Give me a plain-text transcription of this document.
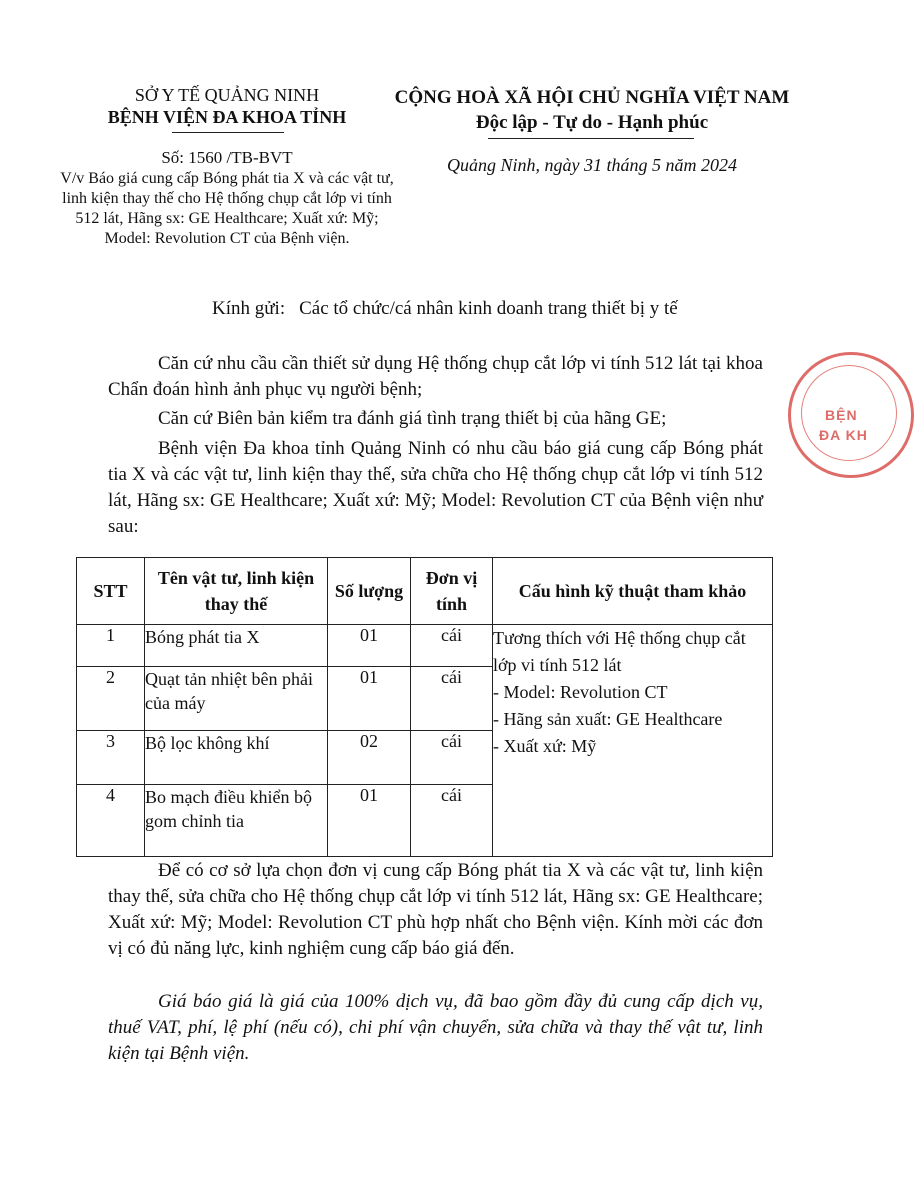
SỞ Y TẾ QUẢNG NINH
BỆNH VIỆN ĐA KHOA TỈNH
Số: 1560 /TB-BVT
V/v Báo giá cung cấp Bóng phát tia X và các vật tư, linh kiện thay thế cho Hệ thống chụp cắt lớp vi tính 512 lát, Hãng sx: GE Healthcare; Xuất xứ: Mỹ; Model: Revolution CT của Bệnh viện.
CỘNG HOÀ XÃ HỘI CHỦ NGHĨA VIỆT NAM
Độc lập - Tự do - Hạnh phúc
Quảng Ninh, ngày 31 tháng 5 năm 2024
Kính gửi: Các tổ chức/cá nhân kinh doanh trang thiết bị y tế
Căn cứ nhu cầu cần thiết sử dụng Hệ thống chụp cắt lớp vi tính 512 lát tại khoa Chẩn đoán hình ảnh phục vụ người bệnh;
Căn cứ Biên bản kiểm tra đánh giá tình trạng thiết bị của hãng GE;
Bệnh viện Đa khoa tỉnh Quảng Ninh có nhu cầu báo giá cung cấp Bóng phát tia X và các vật tư, linh kiện thay thế, sửa chữa cho Hệ thống chụp cắt lớp vi tính 512 lát, Hãng sx: GE Healthcare; Xuất xứ: Mỹ; Model: Revolution CT của Bệnh viện như sau:
STT	Tên vật tư, linh kiện thay thế	Số lượng	Đơn vị tính	Cấu hình kỹ thuật tham khảo
1	Bóng phát tia X	01	cái	Tương thích với Hệ thống chụp cắt lớp vi tính 512 lát
- Model: Revolution CT
- Hãng sản xuất: GE Healthcare
- Xuất xứ: Mỹ

2	Quạt tản nhiệt bên phải của máy	01	cái	
3	Bộ lọc không khí	02	cái	
4	Bo mạch điều khiển bộ gom chỉnh tia	01	cái	
Để có cơ sở lựa chọn đơn vị cung cấp Bóng phát tia X và các vật tư, linh kiện thay thế, sửa chữa cho Hệ thống chụp cắt lớp vi tính 512 lát, Hãng sx: GE Healthcare; Xuất xứ: Mỹ; Model: Revolution CT phù hợp nhất cho Bệnh viện. Kính mời các đơn vị có đủ năng lực, kinh nghiệm cung cấp báo giá đến.
Giá báo giá là giá của 100% dịch vụ, đã bao gồm đầy đủ cung cấp dịch vụ, thuế VAT, phí, lệ phí (nếu có), chi phí vận chuyển, sửa chữa và thay thế vật tư, linh kiện tại Bệnh viện.
BỆN
ĐA KH
